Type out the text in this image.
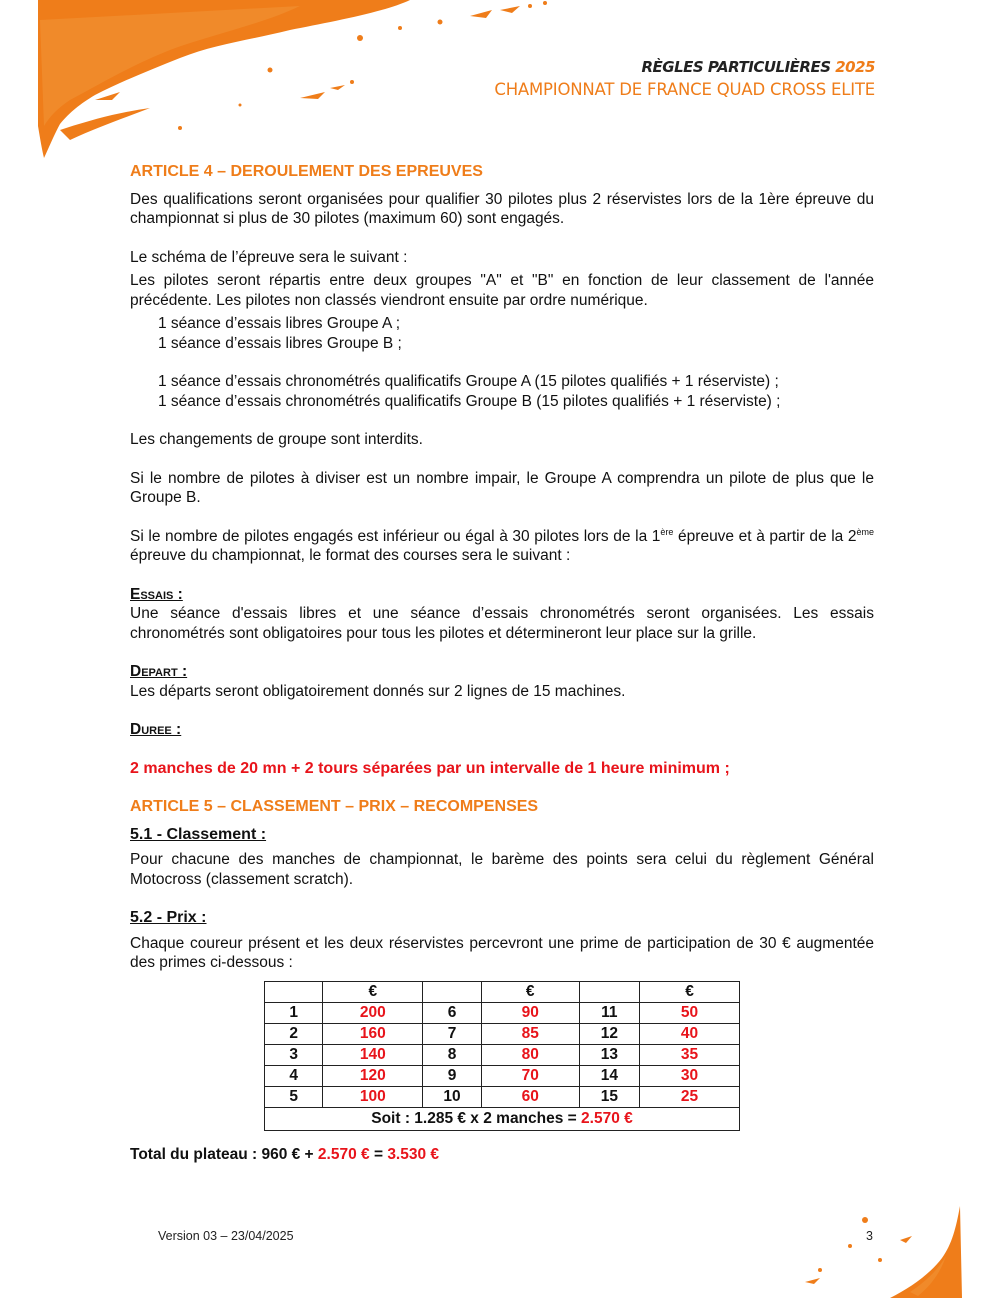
RÈGLES PARTICULIÈRES 2025
CHAMPIONNAT DE FRANCE QUAD CROSS ELITE
ARTICLE 4 – DEROULEMENT DES EPREUVES

Des qualifications seront organisées pour qualifier 30 pilotes plus 2 réservistes lors de la 1ère épreuve du championnat si plus de 30 pilotes (maximum 60) sont engagés.

Le schéma de l’épreuve sera le suivant :

Les pilotes seront répartis entre deux groupes "A" et "B" en fonction de leur classement de l'année précédente. Les pilotes non classés viendront ensuite par ordre numérique.

1 séance d’essais libres Groupe A ;
1 séance d’essais libres Groupe B ;
1 séance d’essais chronométrés qualificatifs Groupe A (15 pilotes qualifiés + 1 réserviste) ;
1 séance d’essais chronométrés qualificatifs Groupe B (15 pilotes qualifiés + 1 réserviste) ;

Les changements de groupe sont interdits.

Si le nombre de pilotes à diviser est un nombre impair, le Groupe A comprendra un pilote de plus que le Groupe B.

Si le nombre de pilotes engagés est inférieur ou égal à 30 pilotes lors de la 1ère épreuve et à partir de la 2ème épreuve du championnat, le format des courses sera le suivant :

Essais :

Une séance d'essais libres et une séance d’essais chronométrés seront organisées. Les essais chronométrés sont obligatoires pour tous les pilotes et détermineront leur place sur la grille.

Depart :

Les départs seront obligatoirement donnés sur 2 lignes de 15 machines.

Duree :

2 manches de 20 mn + 2 tours séparées par un intervalle de 1 heure minimum ;

ARTICLE 5 – CLASSEMENT – PRIX – RECOMPENSES
5.1 - Classement :

Pour chacune des manches de championnat, le barème des points sera celui du règlement Général Motocross (classement scratch).

5.2 - Prix :

Chaque coureur présent et les deux réservistes percevront une prime de participation de 30 € augmentée des primes ci-dessous :

	€		€		€
1	200	6	90	11	50
2	160	7	85	12	40
3	140	8	80	13	35
4	120	9	70	14	30
5	100	10	60	15	25
Soit : 1.285 € x 2 manches = 2.570 €					
Total du plateau : 960 € + 2.570 € = 3.530 €
Version 03 – 23/04/2025	3
